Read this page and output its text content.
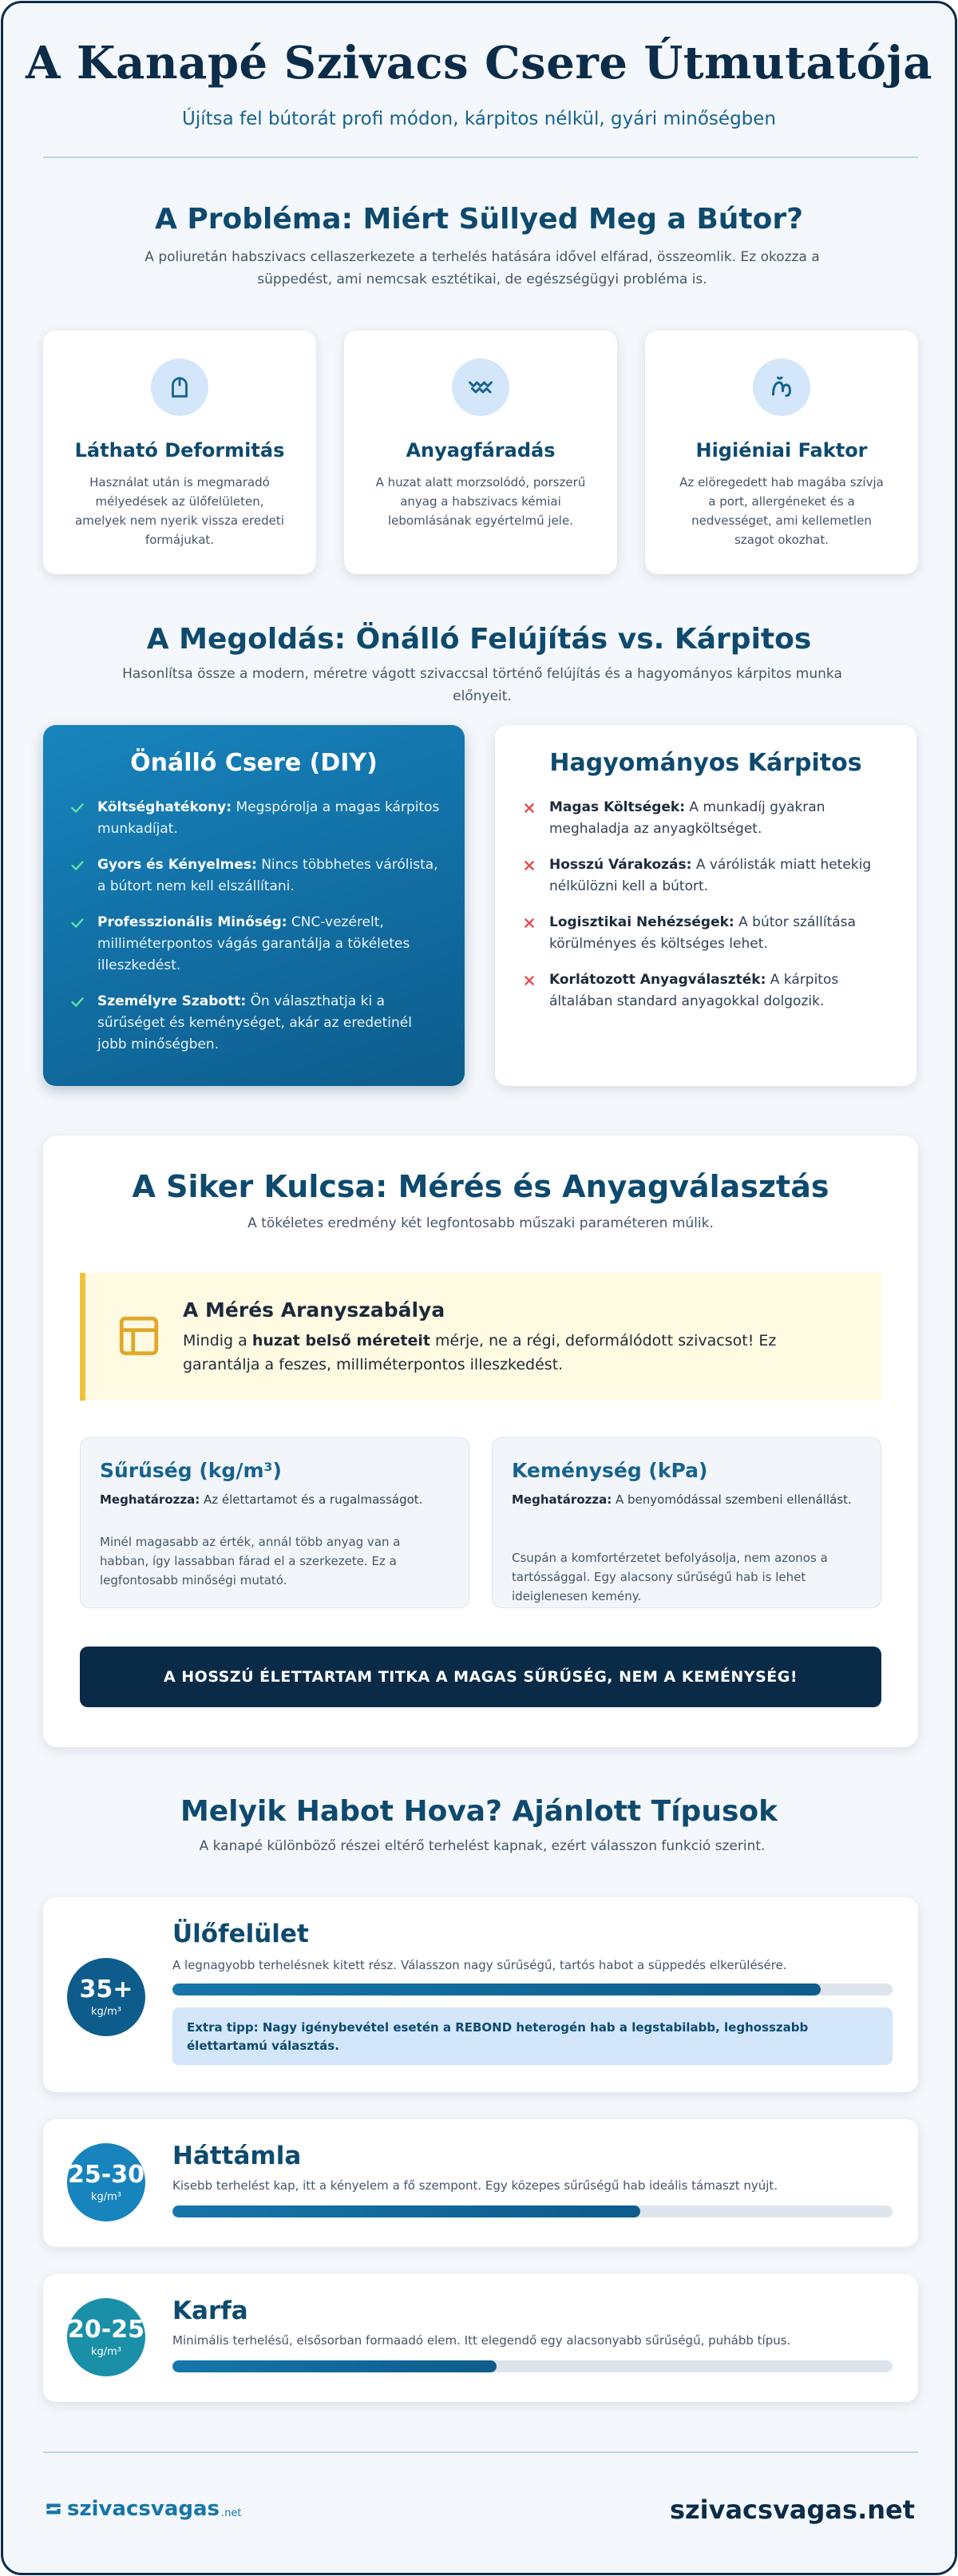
A Kanapé Szivacs Csere Útmutatója
Újítsa fel bútorát profi módon, kárpitos nélkül, gyári minőségben
A Probléma: Miért Süllyed Meg a Bútor?
A poliuretán habszivacs cellaszerkezete a terhelés hatására idővel elfárad, összeomlik. Ez okozza a süppedést, ami nemcsak esztétikai, de egészségügyi probléma is.
Látható Deformitás

Használat után is megmaradó mélyedések az ülőfelületen, amelyek nem nyerik vissza eredeti formájukat.

Anyagfáradás

A huzat alatt morzsolódó, porszerű anyag a habszivacs kémiai lebomlásának egyértelmű jele.

Higiéniai Faktor

Az elöregedett hab magába szívja a port, allergéneket és a nedvességet, ami kellemetlen szagot okozhat.

A Megoldás: Önálló Felújítás vs. Kárpitos
Hasonlítsa össze a modern, méretre vágott szivaccsal történő felújítás és a hagyományos kárpitos munka előnyeit.
Önálló Csere (DIY)
Költséghatékony: Megspórolja a magas kárpitos munkadíjat.
Gyors és Kényelmes: Nincs többhetes várólista, a bútort nem kell elszállítani.
Professzionális Minőség: CNC-vezérelt, milliméterpontos vágás garantálja a tökéletes illeszkedést.
Személyre Szabott: Ön választhatja ki a sűrűséget és keménységet, akár az eredetinél jobb minőségben.
Hagyományos Kárpitos
Magas Költségek: A munkadíj gyakran meghaladja az anyagköltséget.
Hosszú Várakozás: A várólisták miatt hetekig nélkülözni kell a bútort.
Logisztikai Nehézségek: A bútor szállítása körülményes és költséges lehet.
Korlátozott Anyagválaszték: A kárpitos általában standard anyagokkal dolgozik.
A Siker Kulcsa: Mérés és Anyagválasztás
A tökéletes eredmény két legfontosabb műszaki paraméteren múlik.
A Mérés Aranyszabálya

Mindig a huzat belső méreteit mérje, ne a régi, deformálódott szivacsot! Ez garantálja a feszes, milliméterpontos illeszkedést.

Sűrűség (kg/m³)
Meghatározza: Az élettartamot és a rugalmasságot.
Minél magasabb az érték, annál több anyag van a habban, így lassabban fárad el a szerkezete. Ez a legfontosabb minőségi mutató.
Keménység (kPa)
Meghatározza: A benyomódással szembeni ellenállást.
Csupán a komfortérzetet befolyásolja, nem azonos a tartóssággal. Egy alacsony sűrűségű hab is lehet ideiglenesen kemény.
A HOSSZÚ ÉLETTARTAM TITKA A MAGAS SŰRŰSÉG, NEM A KEMÉNYSÉG!
Melyik Habot Hova? Ajánlott Típusok
A kanapé különböző részei eltérő terhelést kapnak, ezért válasszon funkció szerint.
35+
kg/m³
Ülőfelület
A legnagyobb terhelésnek kitett rész. Válasszon nagy sűrűségű, tartós habot a süppedés elkerülésére.
Extra tipp: Nagy igénybevétel esetén a REBOND heterogén hab a legstabilabb, leghosszabb élettartamú választás.
25-30
kg/m³
Háttámla
Kisebb terhelést kap, itt a kényelem a fő szempont. Egy közepes sűrűségű hab ideális támaszt nyújt.
20-25
kg/m³
Karfa
Minimális terhelésű, elsősorban formaadó elem. Itt elegendő egy alacsonyabb sűrűségű, puhább típus.
szivacsvagas .net	szivacsvagas.net
